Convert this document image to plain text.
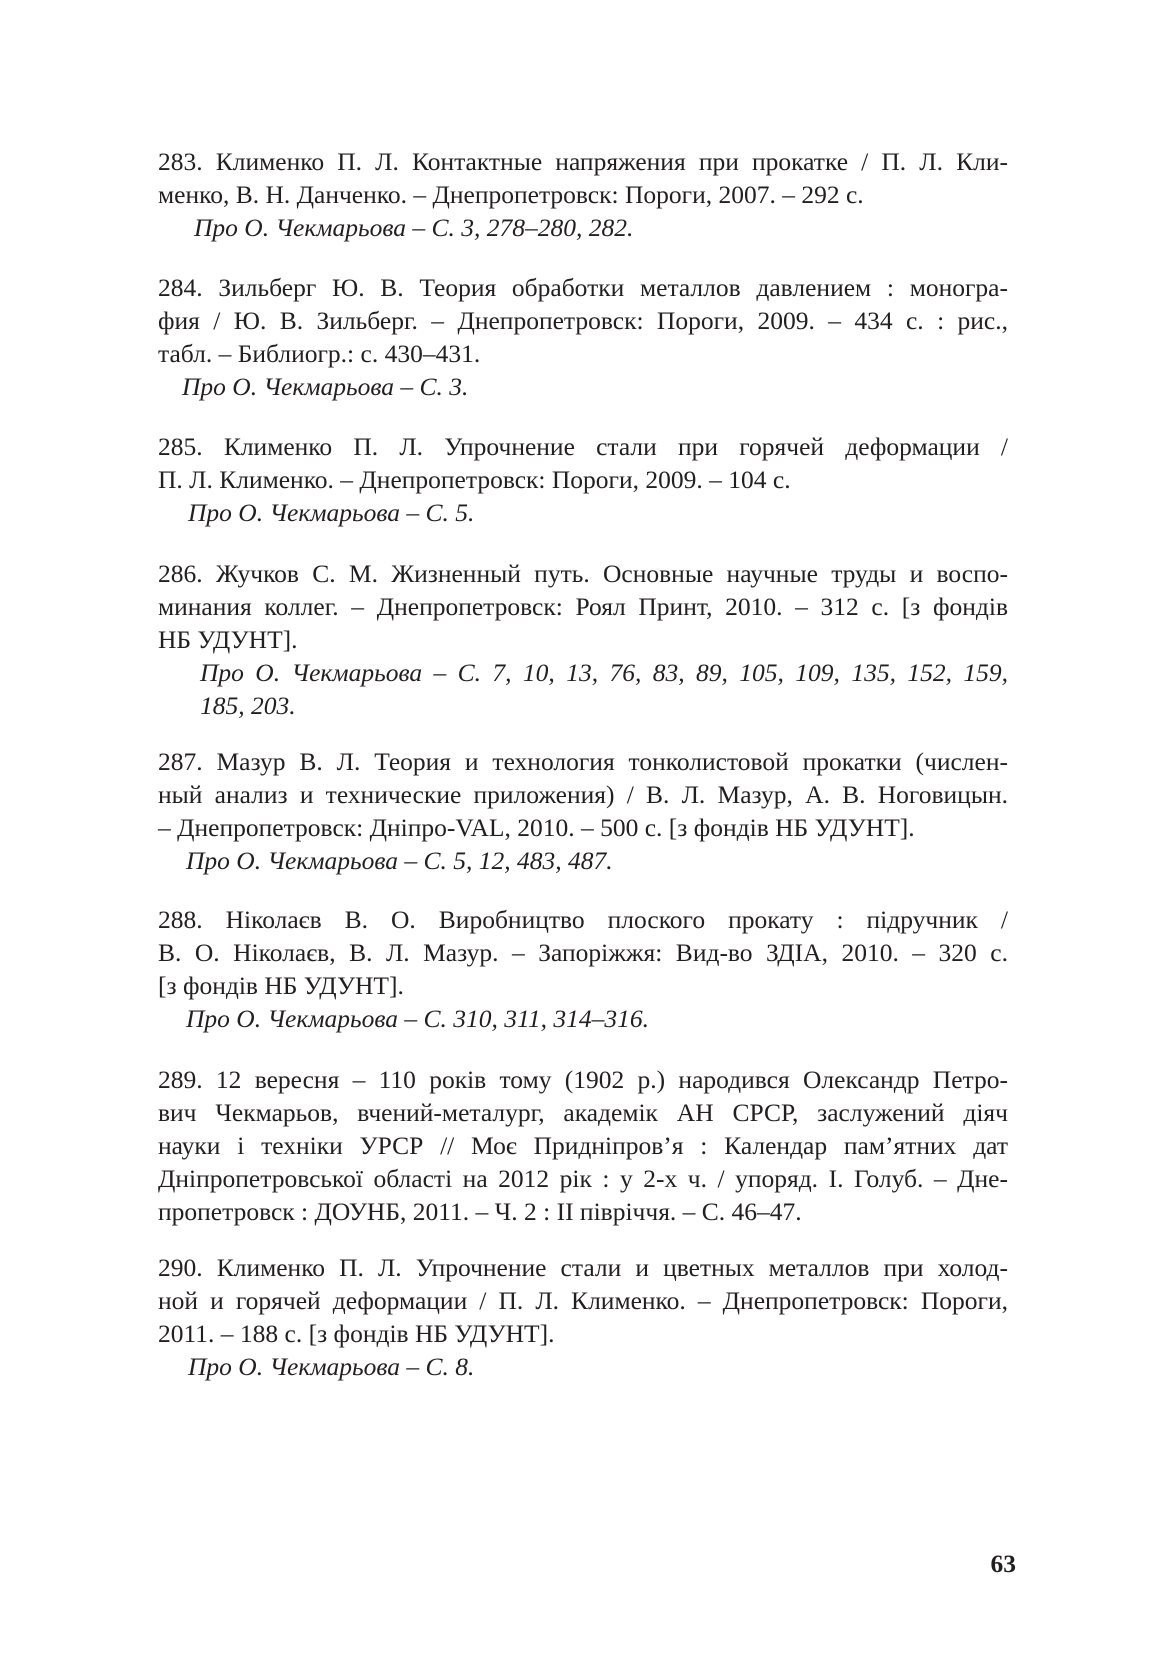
283. Клименко П. Л. Контактные напряжения при прокатке / П. Л. Кли-
менко, В. Н. Данченко. – Днепропетровск: Пороги, 2007. – 292 с.
Про О. Чекмарьова – С. 3, 278–280, 282.
284. Зильберг Ю. В. Теория обработки металлов давлением : моногра-
фия / Ю. В. Зильберг. – Днепропетровск: Пороги, 2009. – 434 с. : рис.,
табл. – Библиогр.: с. 430–431.
Про О. Чекмарьова – С. 3.
285. Клименко П. Л. Упрочнение стали при горячей деформации /
П. Л. Клименко. – Днепропетровск: Пороги, 2009. – 104 с.
Про О. Чекмарьова – С. 5.
286. Жучков С. М. Жизненный путь. Основные научные труды и воспо-
минания коллег. – Днепропетровск: Роял Принт, 2010. – 312 с. [з фондів
НБ УДУНТ].
Про О. Чекмарьова – С. 7, 10, 13, 76, 83, 89, 105, 109, 135, 152, 159,
185, 203.
287. Мазур В. Л. Теория и технология тонколистовой прокатки (числен-
ный анализ и технические приложения) / В. Л. Мазур, А. В. Ноговицын.
– Днепропетровск: Дніпро-VAL, 2010. – 500 с. [з фондів НБ УДУНТ].
Про О. Чекмарьова – С. 5, 12, 483, 487.
288. Ніколаєв В. О. Виробництво плоского прокату : підручник /
В. О. Ніколаєв, В. Л. Мазур. – Запоріжжя: Вид-во ЗДІА, 2010. – 320 с.
[з фондів НБ УДУНТ].
Про О. Чекмарьова – С. 310, 311, 314–316.
289. 12 вересня – 110 років тому (1902 р.) народився Олександр Петро-
вич Чекмарьов, вчений-металург, академік АН СРСР, заслужений діяч
науки і техніки УРСР // Моє Придніпров’я : Календар пам’ятних дат
Дніпропетровської області на 2012 рік : у 2-х ч. / упоряд. І. Голуб. – Дне-
пропетровск : ДОУНБ, 2011. – Ч. 2 : ІІ півріччя. – С. 46–47.
290. Клименко П. Л. Упрочнение стали и цветных металлов при холод-
ной и горячей деформации / П. Л. Клименко. – Днепропетровск: Пороги,
2011. – 188 с. [з фондів НБ УДУНТ].
Про О. Чекмарьова – С. 8.
63
